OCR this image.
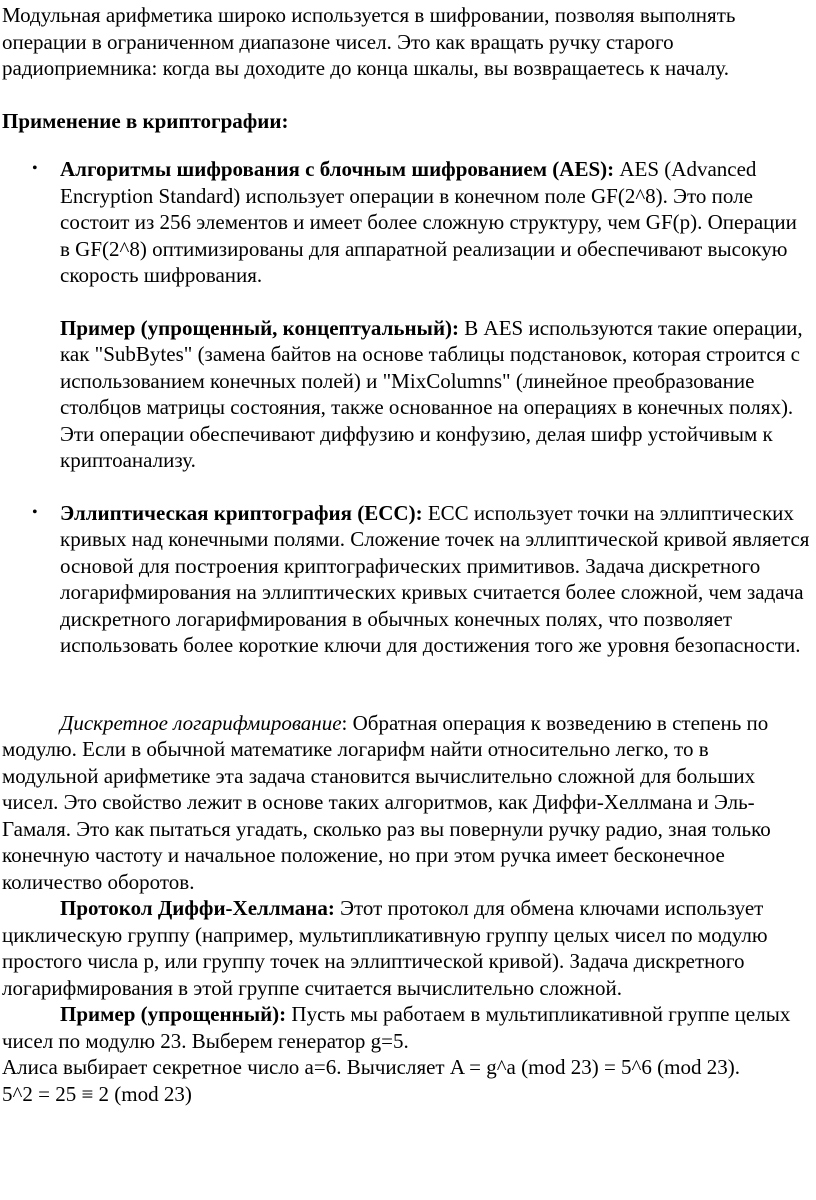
Модульная арифметика широко используется в шифровании, позволяя выполнять операции в ограниченном диапазоне чисел. Это как вращать ручку старого радиоприемника: когда вы доходите до конца шкалы, вы возвращаетесь к началу.

Применение в криптографии:

• Алгоритмы шифрования с блочным шифрованием (AES): AES (Advanced Encryption Standard) использует операции в конечном поле GF(2^8). Это поле состоит из 256 элементов и имеет более сложную структуру, чем GF(p). Операции в GF(2^8) оптимизированы для аппаратной реализации и обеспечивают высокую скорость шифрования.

Пример (упрощенный, концептуальный): В AES используются такие операции, как "SubBytes" (замена байтов на основе таблицы подстановок, которая строится с использованием конечных полей) и "MixColumns" (линейное преобразование столбцов матрицы состояния, также основанное на операциях в конечных полях). Эти операции обеспечивают диффузию и конфузию, делая шифр устойчивым к криптоанализу.

• Эллиптическая криптография (ECC): ECC использует точки на эллиптических кривых над конечными полями. Сложение точек на эллиптической кривой является основой для построения криптографических примитивов. Задача дискретного логарифмирования на эллиптических кривых считается более сложной, чем задача дискретного логарифмирования в обычных конечных полях, что позволяет использовать более короткие ключи для достижения того же уровня безопасности.

Дискретное логарифмирование: Обратная операция к возведению в степень по модулю. Если в обычной математике логарифм найти относительно легко, то в модульной арифметике эта задача становится вычислительно сложной для больших чисел. Это свойство лежит в основе таких алгоритмов, как Диффи-Хеллмана и Эль-Гамаля. Это как пытаться угадать, сколько раз вы повернули ручку радио, зная только конечную частоту и начальное положение, но при этом ручка имеет бесконечное количество оборотов.

Протокол Диффи-Хеллмана: Этот протокол для обмена ключами использует циклическую группу (например, мультипликативную группу целых чисел по модулю простого числа p, или группу точек на эллиптической кривой). Задача дискретного логарифмирования в этой группе считается вычислительно сложной.

Пример (упрощенный): Пусть мы работаем в мультипликативной группе целых чисел по модулю 23. Выберем генератор g=5.

Алиса выбирает секретное число a=6. Вычисляет A = g^a (mod 23) = 5^6 (mod 23).

5^2 = 25 ≡ 2 (mod 23)
